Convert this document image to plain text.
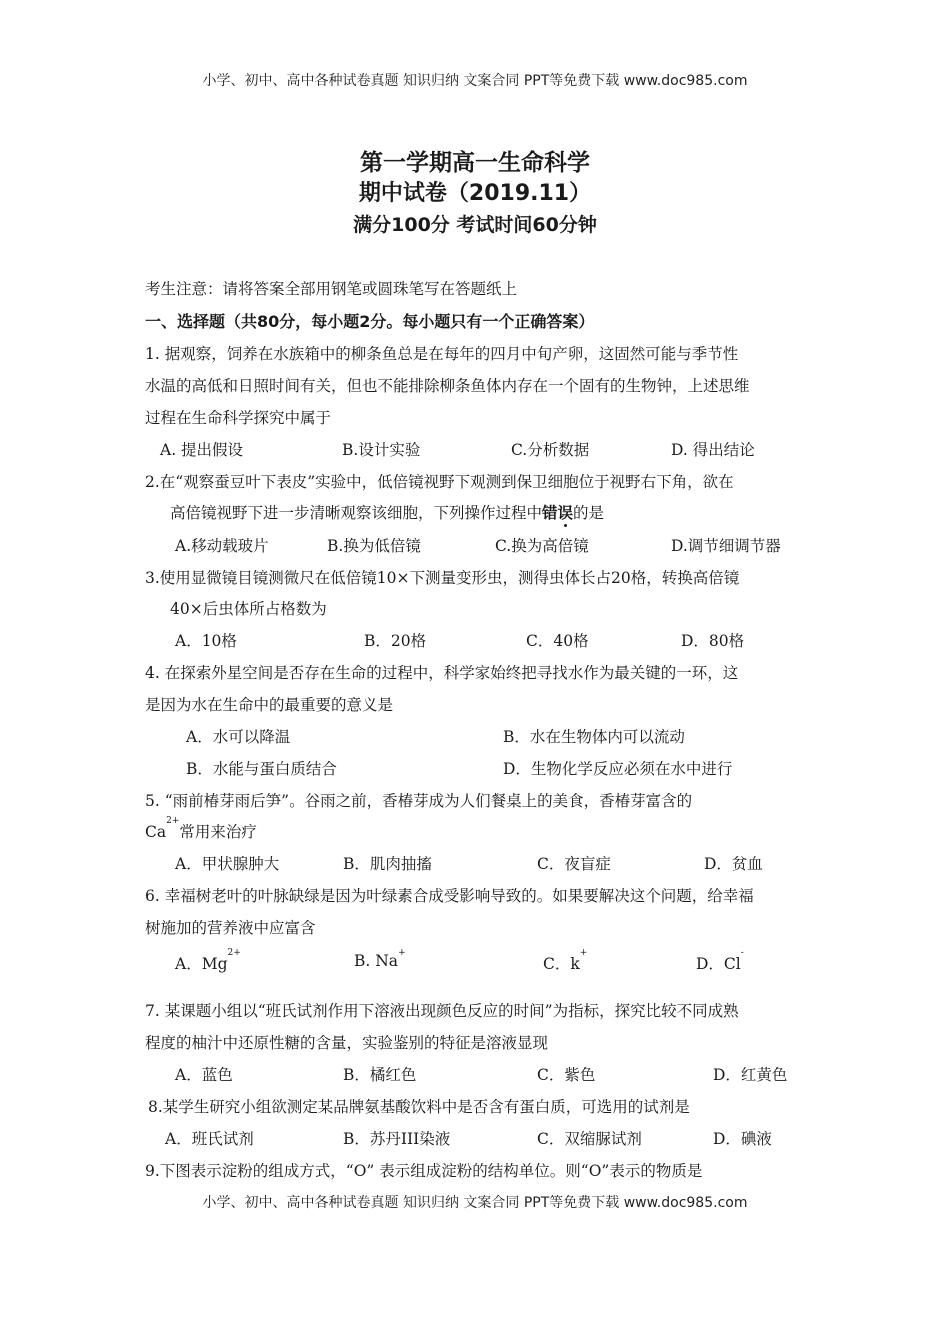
小学、初中、高中各种试卷真题 知识归纳 文案合同 PPT等免费下载 www.doc985.com
第一学期高一生命科学
期中试卷（2019.11）
满分100分 考试时间60分钟
考生注意：请将答案全部用钢笔或圆珠笔写在答题纸上
一、选择题（共80分，每小题2分。每小题只有一个正确答案）
1. 据观察，饲养在水族箱中的柳条鱼总是在每年的四月中旬产卵，这固然可能与季节性
水温的高低和日照时间有关，但也不能排除柳条鱼体内存在一个固有的生物钟，上述思维
过程在生命科学探究中属于
A. 提出假设	B.设计实验	C.分析数据	D. 得出结论
2.在“观察蚕豆叶下表皮”实验中，低倍镜视野下观测到保卫细胞位于视野右下角，欲在
高倍镜视野下进一步清晰观察该细胞，下列操作过程中错误的是
A.移动载玻片	B.换为低倍镜	C.换为高倍镜	D.调节细调节器
3.使用显微镜目镜测微尺在低倍镜10×下测量变形虫，测得虫体长占20格，转换高倍镜
40×后虫体所占格数为
A．10格	B．20格	C．40格	D．80格
4. 在探索外星空间是否存在生命的过程中，科学家始终把寻找水作为最关键的一环，这
是因为水在生命中的最重要的意义是
A．水可以降温	B．水在生物体内可以流动
B．水能与蛋白质结合	D．生物化学反应必须在水中进行
5. “雨前椿芽雨后笋”。谷雨之前，香椿芽成为人们餐桌上的美食，香椿芽富含的
$Ca^{2+}$常用来治疗
A．甲状腺肿大	B．肌肉抽搐	C．夜盲症	D．贫血
6. 幸福树老叶的叶脉缺绿是因为叶绿素合成受影响导致的。如果要解决这个问题，给幸福
树施加的营养液中应富含
A．$Mg^{2+}$	B. Na+
C．k+
D．Cl-
7. 某课题小组以“班氏试剂作用下溶液出现颜色反应的时间”为指标，探究比较不同成熟
程度的柚汁中还原性糖的含量，实验鉴别的特征是溶液显现
A．蓝色	B．橘红色	C．紫色	D．红黄色
8.某学生研究小组欲测定某品牌氨基酸饮料中是否含有蛋白质，可选用的试剂是
A．班氏试剂	B．苏丹III染液	C．双缩脲试剂	D．碘液
9.下图表示淀粉的组成方式，“O” 表示组成淀粉的结构单位。则“O”表示的物质是
小学、初中、高中各种试卷真题 知识归纳 文案合同 PPT等免费下载 www.doc985.com
